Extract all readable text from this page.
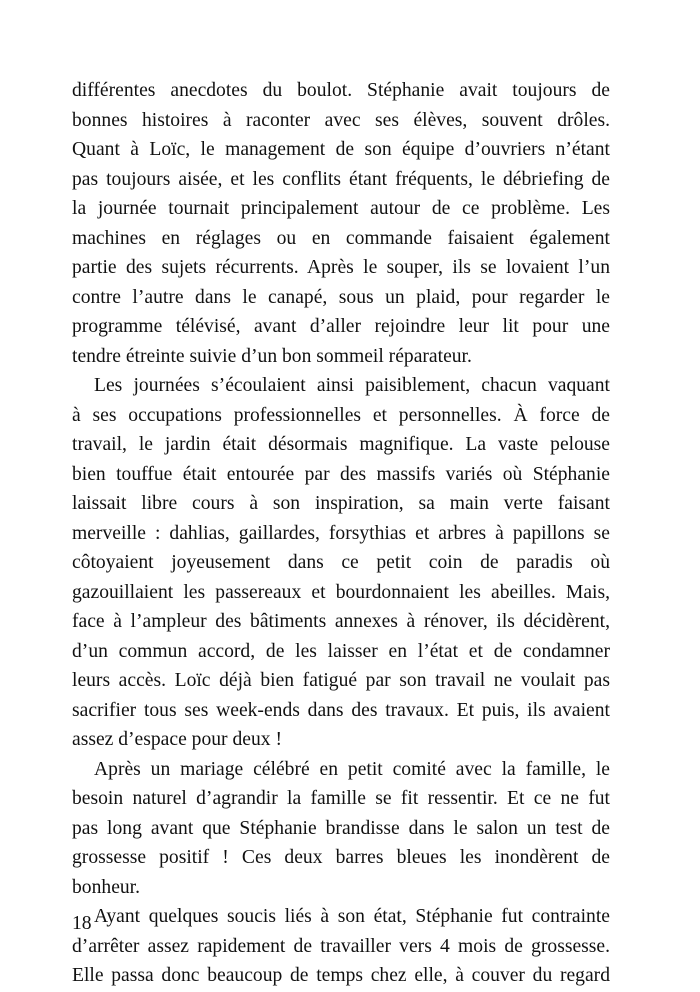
différentes anecdotes du boulot. Stéphanie avait toujours de
bonnes histoires à raconter avec ses élèves, souvent drôles.
Quant à Loïc, le management de son équipe d’ouvriers n’étant
pas toujours aisée, et les conflits étant fréquents, le débriefing de
la journée tournait principalement autour de ce problème. Les
machines en réglages ou en commande faisaient également
partie des sujets récurrents. Après le souper, ils se lovaient l’un
contre l’autre dans le canapé, sous un plaid, pour regarder le
programme télévisé, avant d’aller rejoindre leur lit pour une
tendre étreinte suivie d’un bon sommeil réparateur.

Les journées s’écoulaient ainsi paisiblement, chacun vaquant
à ses occupations professionnelles et personnelles. À force de
travail, le jardin était désormais magnifique. La vaste pelouse
bien touffue était entourée par des massifs variés où Stéphanie
laissait libre cours à son inspiration, sa main verte faisant
merveille : dahlias, gaillardes, forsythias et arbres à papillons se
côtoyaient joyeusement dans ce petit coin de paradis où
gazouillaient les passereaux et bourdonnaient les abeilles. Mais,
face à l’ampleur des bâtiments annexes à rénover, ils décidèrent,
d’un commun accord, de les laisser en l’état et de condamner
leurs accès. Loïc déjà bien fatigué par son travail ne voulait pas
sacrifier tous ses week-ends dans des travaux. Et puis, ils avaient
assez d’espace pour deux !

Après un mariage célébré en petit comité avec la famille, le
besoin naturel d’agrandir la famille se fit ressentir. Et ce ne fut
pas long avant que Stéphanie brandisse dans le salon un test de
grossesse positif ! Ces deux barres bleues les inondèrent de
bonheur.

Ayant quelques soucis liés à son état, Stéphanie fut contrainte
d’arrêter assez rapidement de travailler vers 4 mois de grossesse.
Elle passa donc beaucoup de temps chez elle, à couver du regard

18
